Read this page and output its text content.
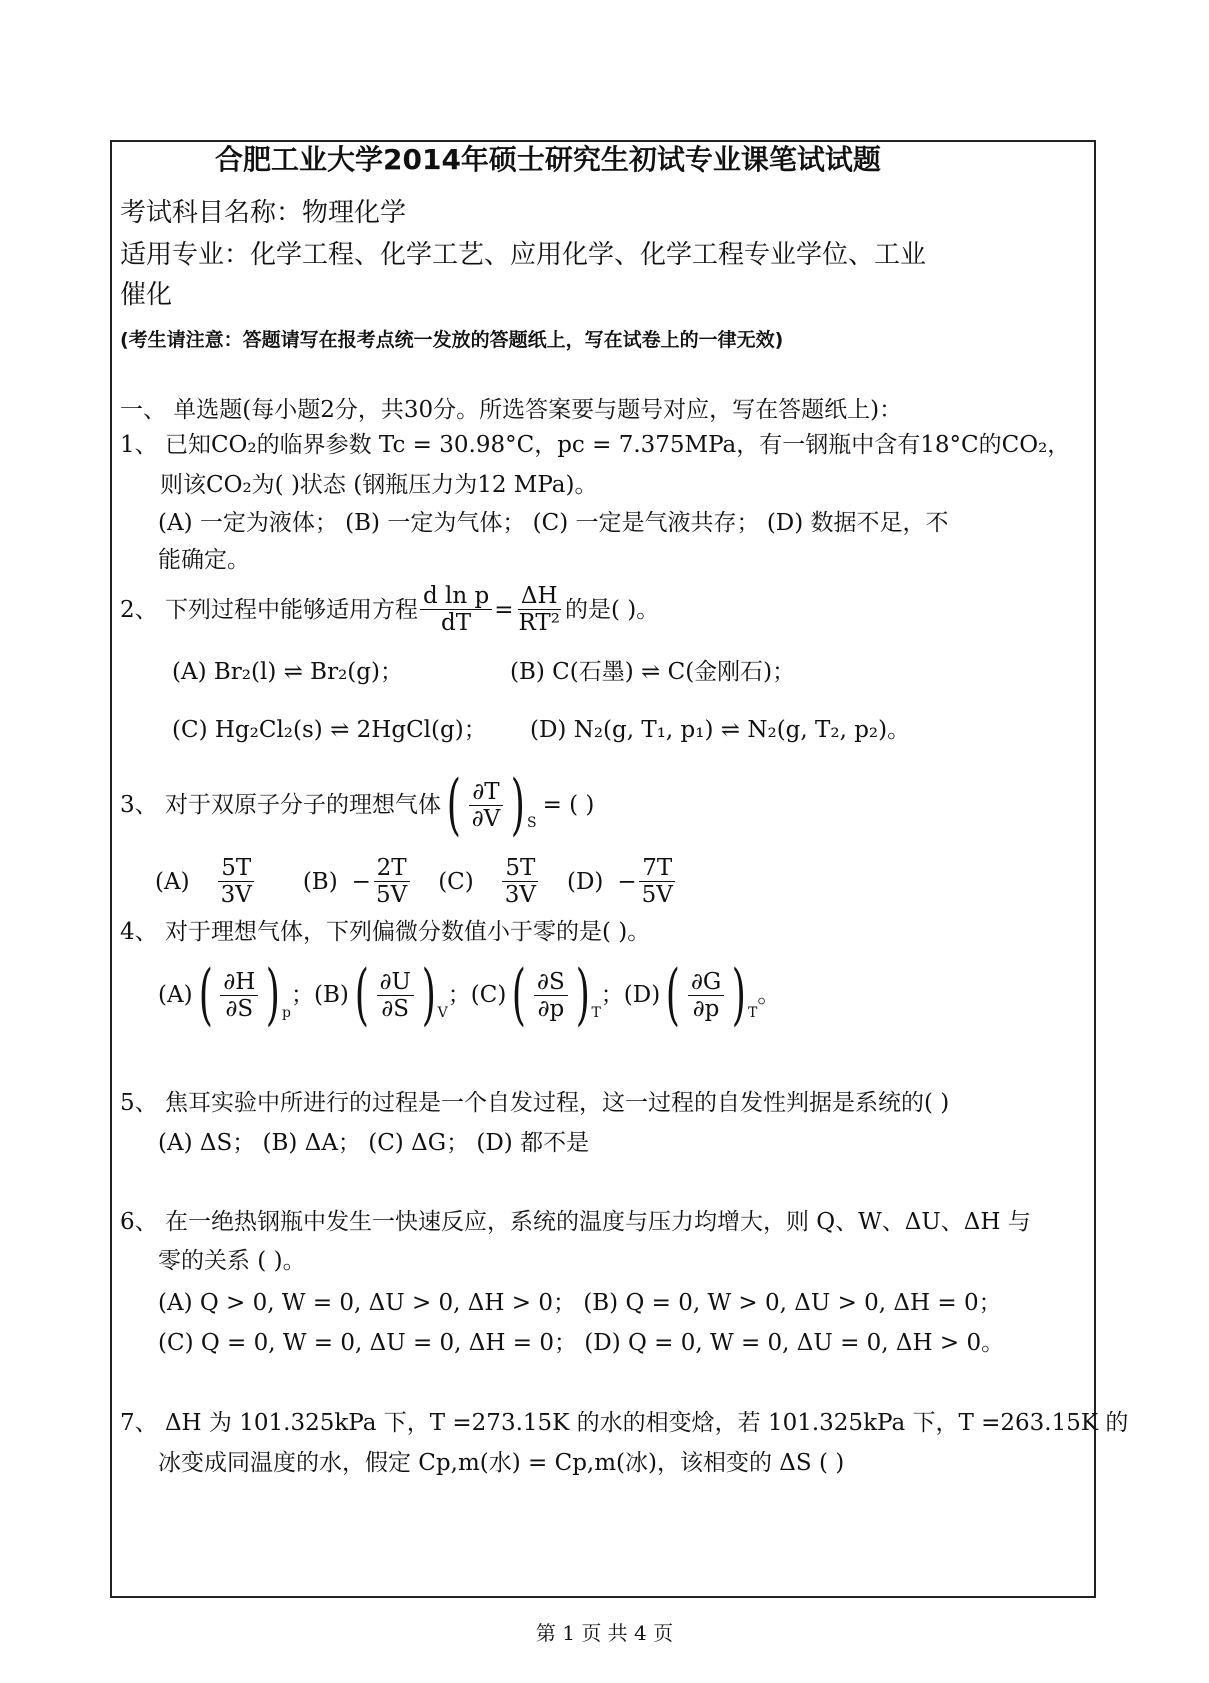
合肥工业大学2014年硕士研究生初试专业课笔试试题
考试科目名称：物理化学
适用专业：化学工程、化学工艺、应用化学、化学工程专业学位、工业
催化
(考生请注意：答题请写在报考点统一发放的答题纸上，写在试卷上的一律无效)
一、 单选题(每小题2分，共30分。所选答案要与题号对应，写在答题纸上)：
1、 已知CO₂的临界参数 Tc = 30.98°C，pc = 7.375MPa，有一钢瓶中含有18°C的CO₂，
则该CO₂为( )状态 (钢瓶压力为12 MPa)。
(A) 一定为液体； (B) 一定为气体； (C) 一定是气液共存； (D) 数据不足，不
能确定。
2、 下列过程中能够适用方程 $\frac{\text{d ln p}}{dT} = \frac{\Delta H}{\text{RT²}}$ 的是( )。
(A) Br₂(l) ⇌ Br₂(g)；	(B) C(石墨) ⇌ C(金刚石)；
(C) Hg₂Cl₂(s) ⇌ 2HgCl(g)； (D) N₂(g, T₁, p₁) ⇌ N₂(g, T₂, p₂)。
3、 对于双原子分子的理想气体 ( $\frac{\partial T}{\partial V}$ ) S
= ( )
$(A) \frac{5T}{3V} (B) - \frac{2T}{5V} (C) \frac{5T}{3V} (D) - \frac{7T}{5V}$
4、 对于理想气体，下列偏微分数值小于零的是( )。
(A) ( $\frac{\partial H}{\partial S}$ ) p
； (B) ( $\frac{\partial U}{\partial S}$ ) V
； (C) ( $\frac{\partial S}{\partial p}$ ) T
； (D) ( $\frac{\partial G}{\partial p}$ ) T
。
5、 焦耳实验中所进行的过程是一个自发过程，这一过程的自发性判据是系统的( )
(A) ΔS； (B) ΔA； (C) ΔG； (D) 都不是
6、 在一绝热钢瓶中发生一快速反应，系统的温度与压力均增大，则 Q、W、ΔU、ΔH 与
零的关系 ( )。
(A) Q > 0, W = 0, ΔU > 0, ΔH > 0； (B) Q = 0, W > 0, ΔU > 0, ΔH = 0；
(C) Q = 0, W = 0, ΔU = 0, ΔH = 0； (D) Q = 0, W = 0, ΔU = 0, ΔH > 0。
7、 ΔH 为 101.325kPa 下，T =273.15K 的水的相变焓，若 101.325kPa 下，T =263.15K 的
冰变成同温度的水，假定 Cp,m(水) = Cp,m(冰)，该相变的 ΔS ( )
第 1 页 共 4 页
